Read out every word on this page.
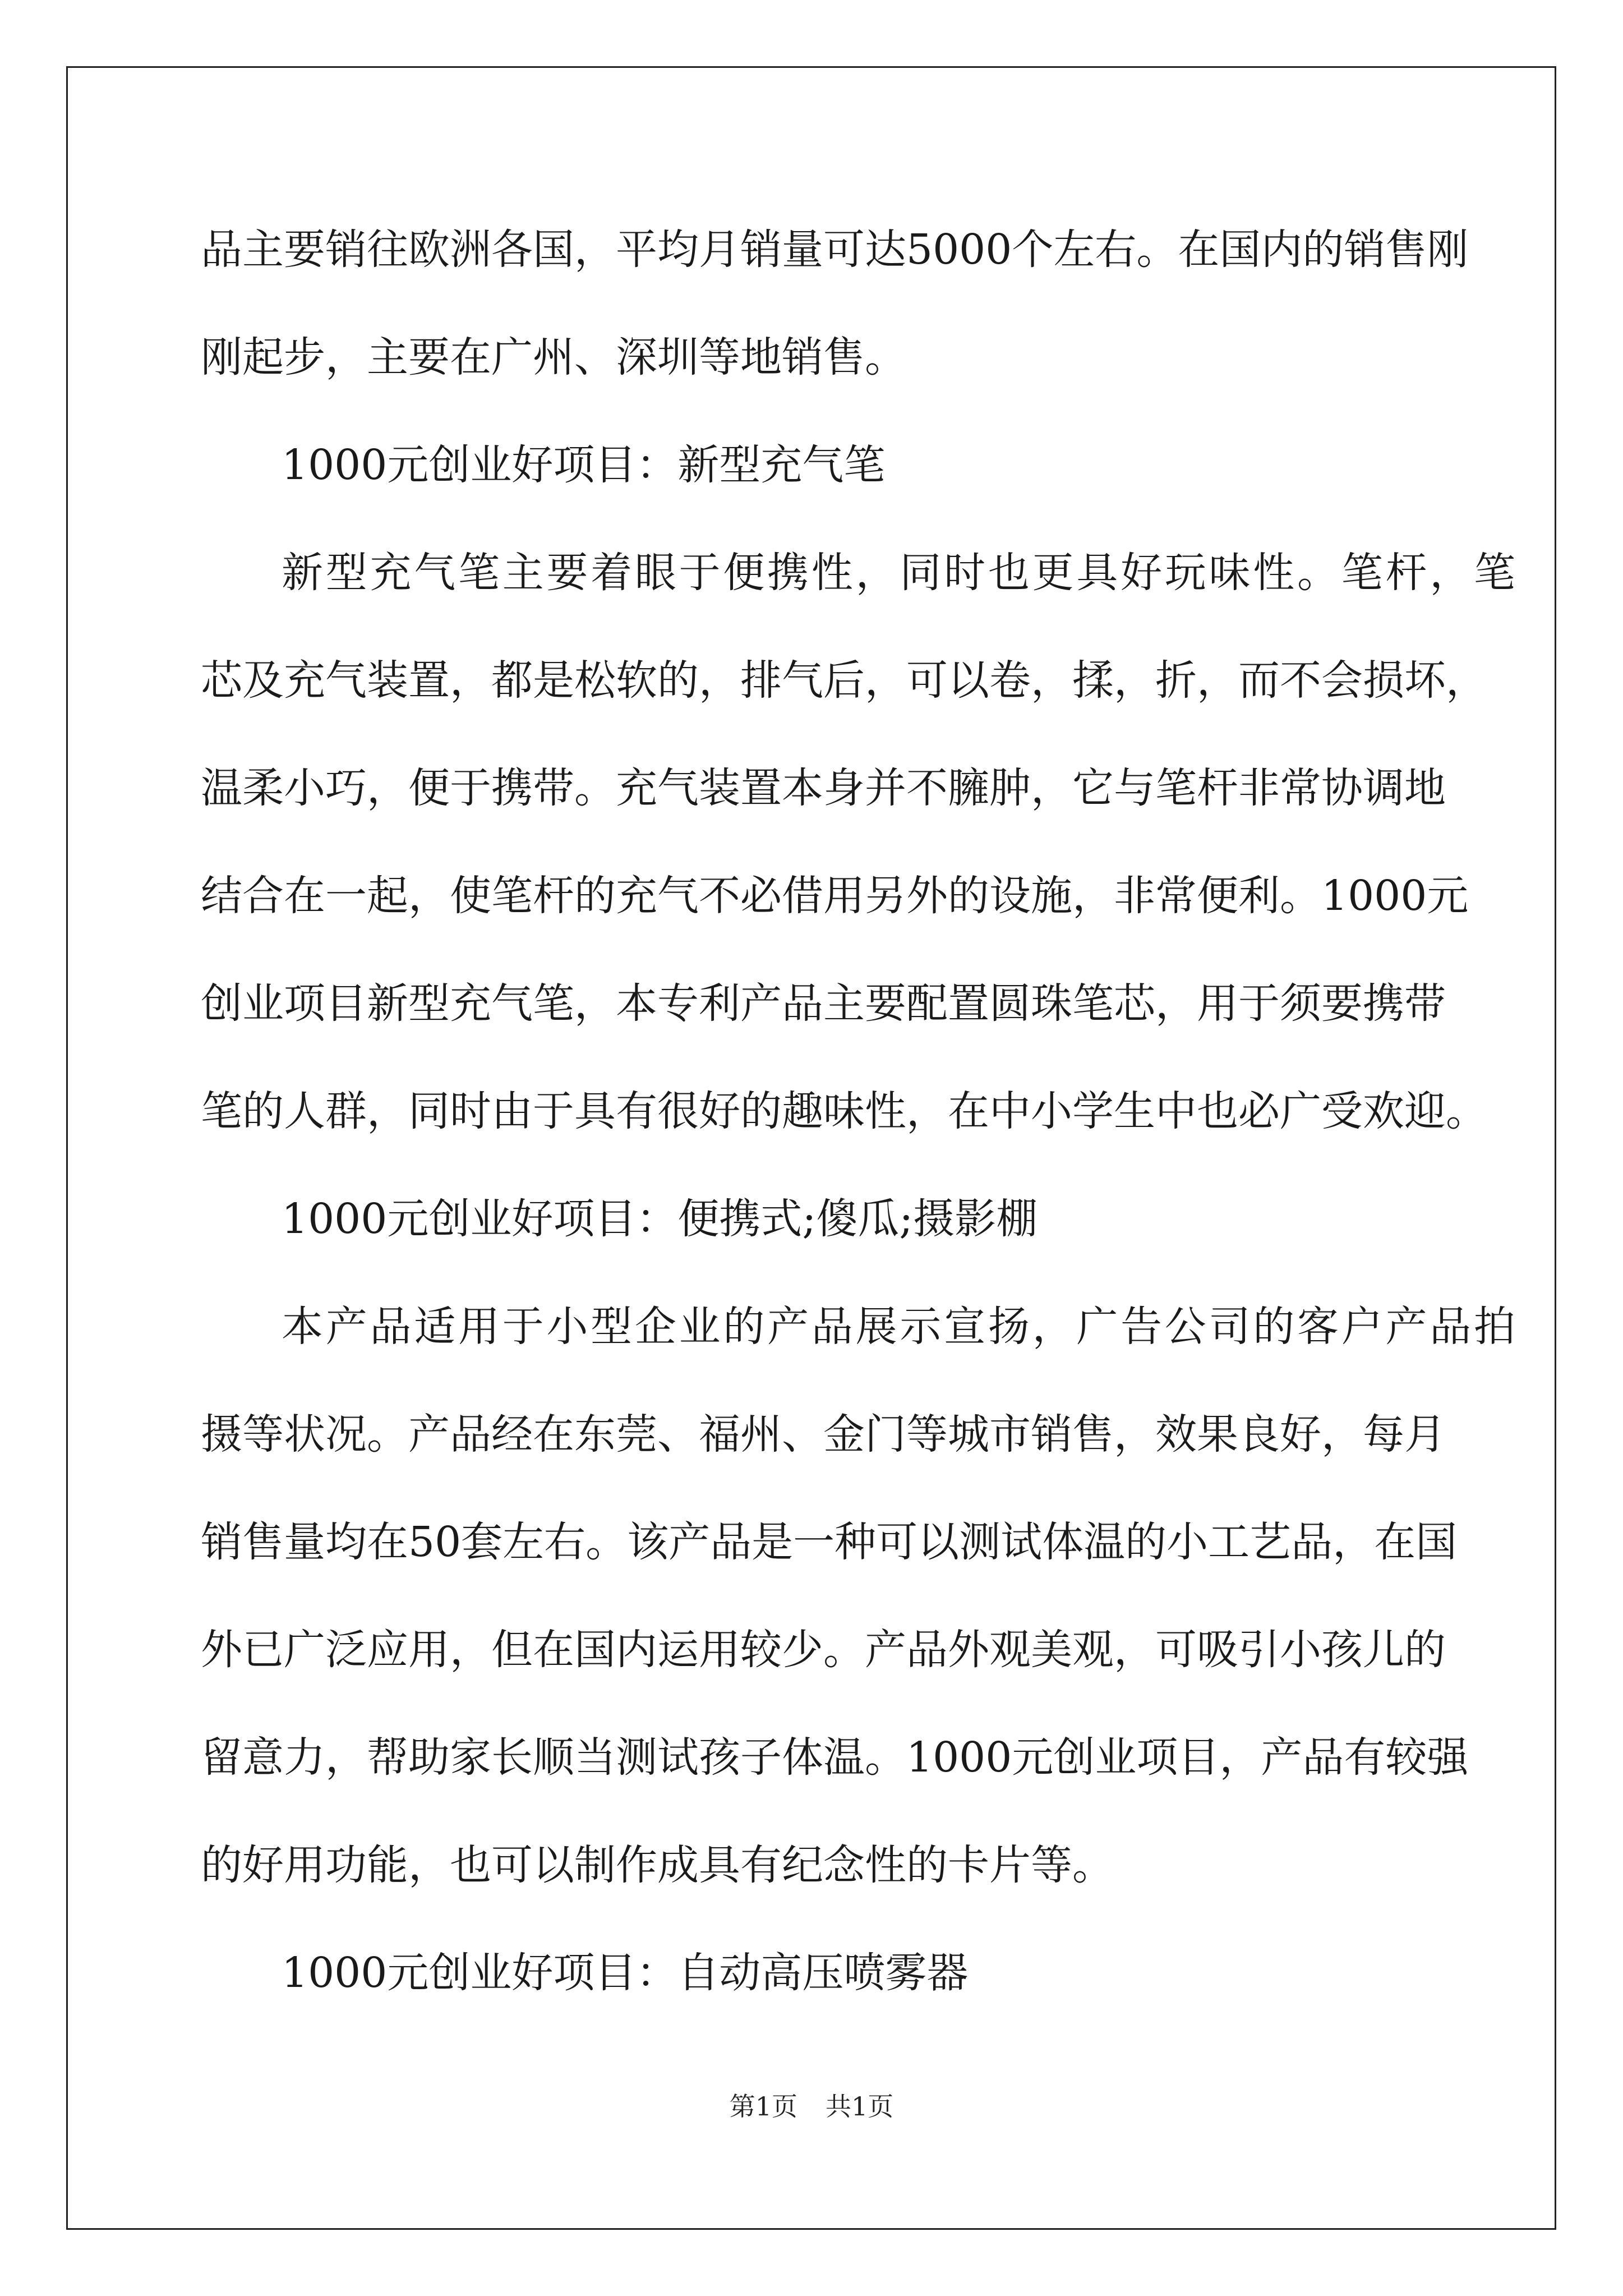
品主要销往欧洲各国，平均月销量可达5000个左右。在国内的销售刚
刚起步，主要在广州、深圳等地销售。
1000元创业好项目：新型充气笔
新型充气笔主要着眼于便携性，同时也更具好玩味性。笔杆，笔
芯及充气装置，都是松软的，排气后，可以卷，揉，折，而不会损坏，
温柔小巧，便于携带。充气装置本身并不臃肿，它与笔杆非常协调地
结合在一起，使笔杆的充气不必借用另外的设施，非常便利。1000元
创业项目新型充气笔，本专利产品主要配置圆珠笔芯，用于须要携带
笔的人群，同时由于具有很好的趣味性，在中小学生中也必广受欢迎。
1000元创业好项目：便携式;傻瓜;摄影棚
本产品适用于小型企业的产品展示宣扬，广告公司的客户产品拍
摄等状况。产品经在东莞、福州、金门等城市销售，效果良好，每月
销售量均在50套左右。该产品是一种可以测试体温的小工艺品，在国
外已广泛应用，但在国内运用较少。产品外观美观，可吸引小孩儿的
留意力，帮助家长顺当测试孩子体温。1000元创业项目，产品有较强
的好用功能，也可以制作成具有纪念性的卡片等。
1000元创业好项目：自动高压喷雾器
第1页 共1页
